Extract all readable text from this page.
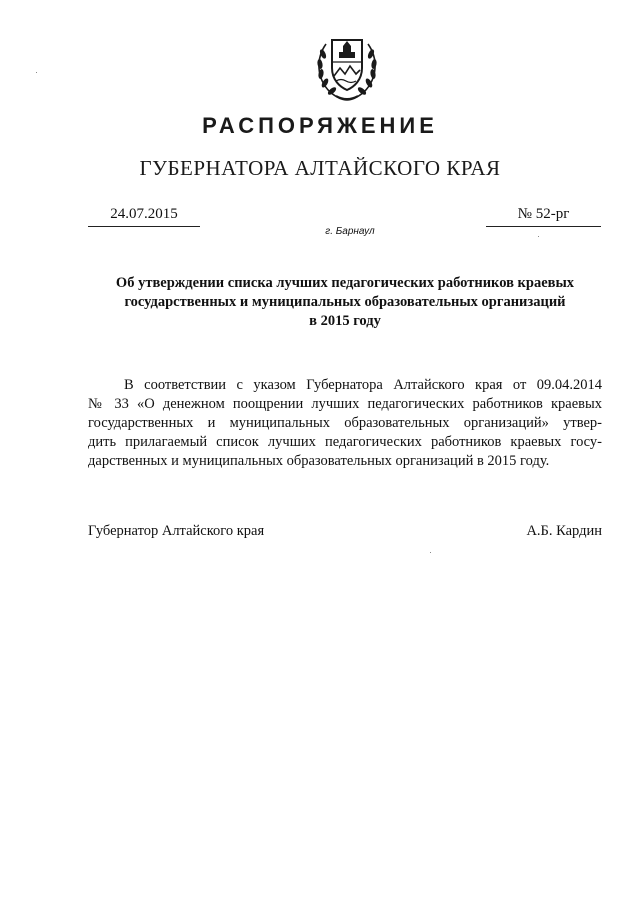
РАСПОРЯЖЕНИЕ
ГУБЕРНАТОРА АЛТАЙСКОГО КРАЯ
24.07.2015	№ 52-рг
г. Барнаул
Об утверждении списка лучших педагогических работников краевых
государственных и муниципальных образовательных организаций
в 2015 году
В соответствии с указом Губернатора Алтайского края от 09.04.2014
№ 33 «О денежном поощрении лучших педагогических работников краевых
государственных и муниципальных образовательных организаций» утвер-
дить прилагаемый список лучших педагогических работников краевых госу-
дарственных и муниципальных образовательных организаций в 2015 году.
Губернатор Алтайского края	А.Б. Кардин
